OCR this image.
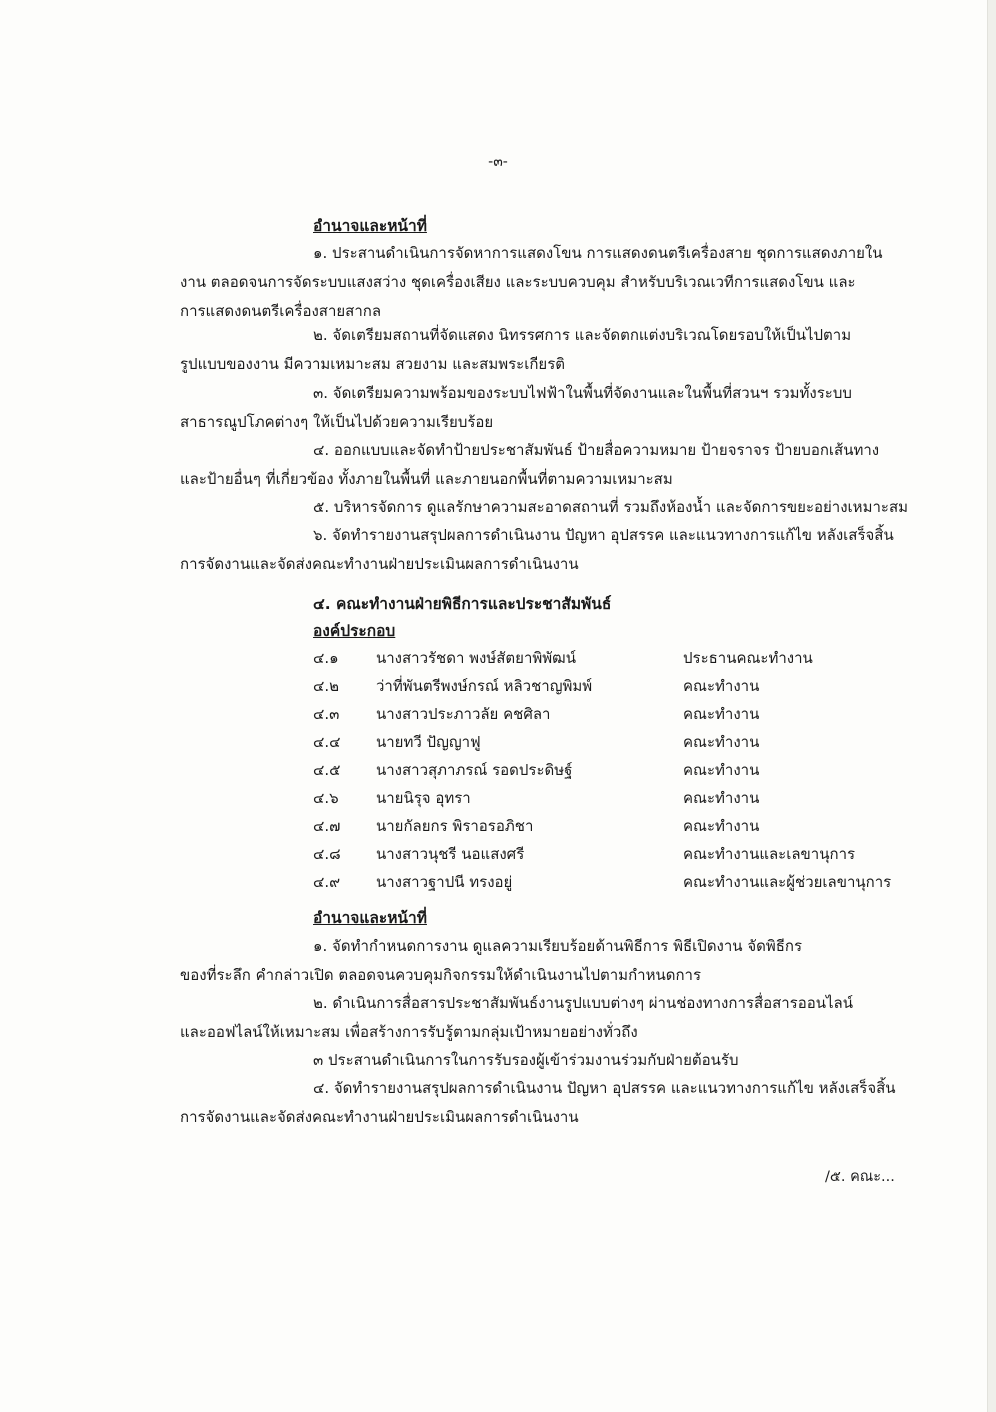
-๓-
อำนาจและหน้าที่
๑. ประสานดำเนินการจัดหาการแสดงโขน การแสดงดนตรีเครื่องสาย ชุดการแสดงภายใน
งาน ตลอดจนการจัดระบบแสงสว่าง ชุดเครื่องเสียง และระบบควบคุม สำหรับบริเวณเวทีการแสดงโขน และ
การแสดงดนตรีเครื่องสายสากล
๒. จัดเตรียมสถานที่จัดแสดง นิทรรศการ และจัดตกแต่งบริเวณโดยรอบให้เป็นไปตาม
รูปแบบของงาน มีความเหมาะสม สวยงาม และสมพระเกียรติ
๓. จัดเตรียมความพร้อมของระบบไฟฟ้าในพื้นที่จัดงานและในพื้นที่สวนฯ รวมทั้งระบบ
สาธารณูปโภคต่างๆ ให้เป็นไปด้วยความเรียบร้อย
๔. ออกแบบและจัดทำป้ายประชาสัมพันธ์ ป้ายสื่อความหมาย ป้ายจราจร ป้ายบอกเส้นทาง
และป้ายอื่นๆ ที่เกี่ยวข้อง ทั้งภายในพื้นที่ และภายนอกพื้นที่ตามความเหมาะสม
๕. บริหารจัดการ ดูแลรักษาความสะอาดสถานที่ รวมถึงห้องน้ำ และจัดการขยะอย่างเหมาะสม
๖. จัดทำรายงานสรุปผลการดำเนินงาน ปัญหา อุปสรรค และแนวทางการแก้ไข หลังเสร็จสิ้น
การจัดงานและจัดส่งคณะทำงานฝ่ายประเมินผลการดำเนินงาน
๔. คณะทำงานฝ่ายพิธีการและประชาสัมพันธ์
องค์ประกอบ
๔.๑ นางสาวรัชดา พงษ์สัตยาพิพัฒน์	ประธานคณะทำงาน
๔.๒ ว่าที่พันตรีพงษ์กรณ์ หลิวชาญพิมพ์	คณะทำงาน
๔.๓ นางสาวประภาวลัย คชศิลา	คณะทำงาน
๔.๔ นายทวี ปัญญาฟู	คณะทำงาน
๔.๕ นางสาวสุภาภรณ์ รอดประดิษฐ์	คณะทำงาน
๔.๖ นายนิรุจ อุทรา	คณะทำงาน
๔.๗ นายกัลยกร พิราอรอภิชา	คณะทำงาน
๔.๘ นางสาวนุชรี นอแสงศรี	คณะทำงานและเลขานุการ
๔.๙ นางสาวฐาปนี ทรงอยู่	คณะทำงานและผู้ช่วยเลขานุการ
อำนาจและหน้าที่
๑. จัดทำกำหนดการงาน ดูแลความเรียบร้อยด้านพิธีการ พิธีเปิดงาน จัดพิธีกร
ของที่ระลึก คำกล่าวเปิด ตลอดจนควบคุมกิจกรรมให้ดำเนินงานไปตามกำหนดการ
๒. ดำเนินการสื่อสารประชาสัมพันธ์งานรูปแบบต่างๆ ผ่านช่องทางการสื่อสารออนไลน์
และออฟไลน์ให้เหมาะสม เพื่อสร้างการรับรู้ตามกลุ่มเป้าหมายอย่างทั่วถึง
๓ ประสานดำเนินการในการรับรองผู้เข้าร่วมงานร่วมกับฝ่ายต้อนรับ
๔. จัดทำรายงานสรุปผลการดำเนินงาน ปัญหา อุปสรรค และแนวทางการแก้ไข หลังเสร็จสิ้น
การจัดงานและจัดส่งคณะทำงานฝ่ายประเมินผลการดำเนินงาน
/๕. คณะ...
